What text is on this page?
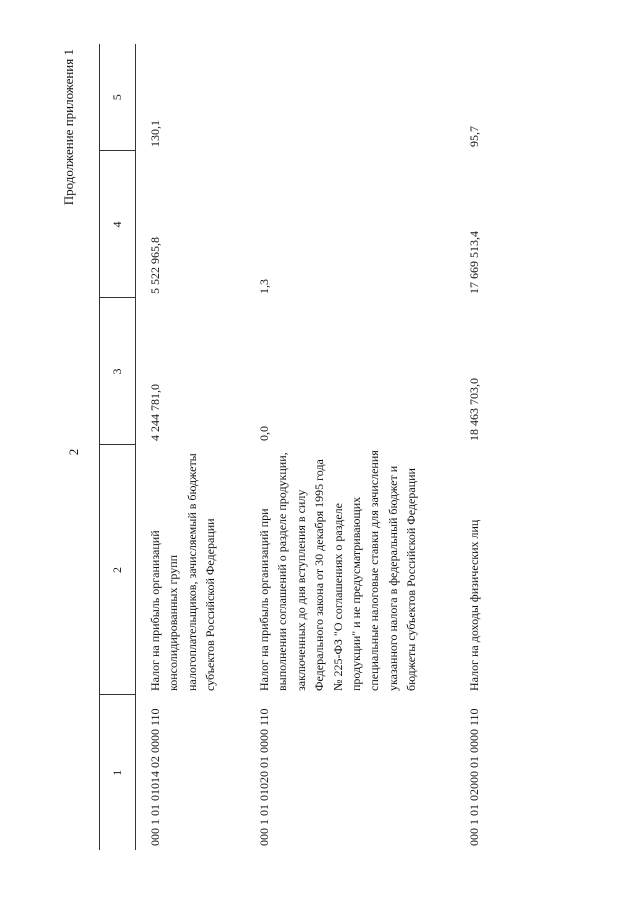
2
Продолжение приложения 1
1	2	3	4	5
000 1 01 01014 02 0000 110	Налог на прибыль организаций консолидированных групп налогоплательщиков, зачисляемый в бюджеты субъектов Российской Федерации	4 244 781,0	5 522 965,8	130,1
000 1 01 01020 01 0000 110	Налог на прибыль организаций при выполнении соглашений о разделе продукции, заключенных до дня вступления в силу Федерального закона от 30 декабря 1995 года № 225-ФЗ "О соглашениях о разделе продукции" и не предусматривающих специальные налоговые ставки для зачисления указанного налога в федеральный бюджет и бюджеты субъектов Российской Федерации	0,0	1,3	
000 1 01 02000 01 0000 110	Налог на доходы физических лиц	18 463 703,0	17 669 513,4	95,7
